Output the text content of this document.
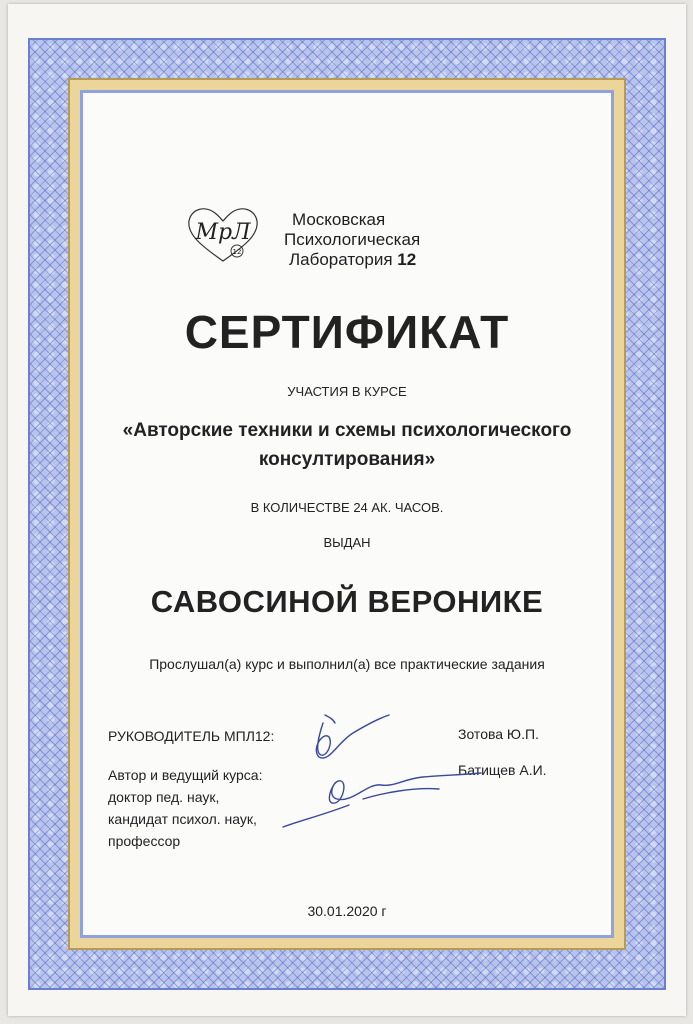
МрЛ
12
Московская
Психологическая
Лаборатория 12
СЕРТИФИКАТ
УЧАСТИЯ В КУРСЕ
«Авторские техники и схемы психологического
консултирования»
В КОЛИЧЕСТВЕ 24 АК. ЧАСОВ.
ВЫДАН
САВОСИНОЙ ВЕРОНИКЕ
Прослушал(а) курс и выполнил(а) все практические задания
РУКОВОДИТЕЛЬ МПЛ12:
Автор и ведущий курса:
доктор пед. наук,
кандидат психол. наук,
профессор
Зотова Ю.П.
Батищев А.И.
30.01.2020 г
